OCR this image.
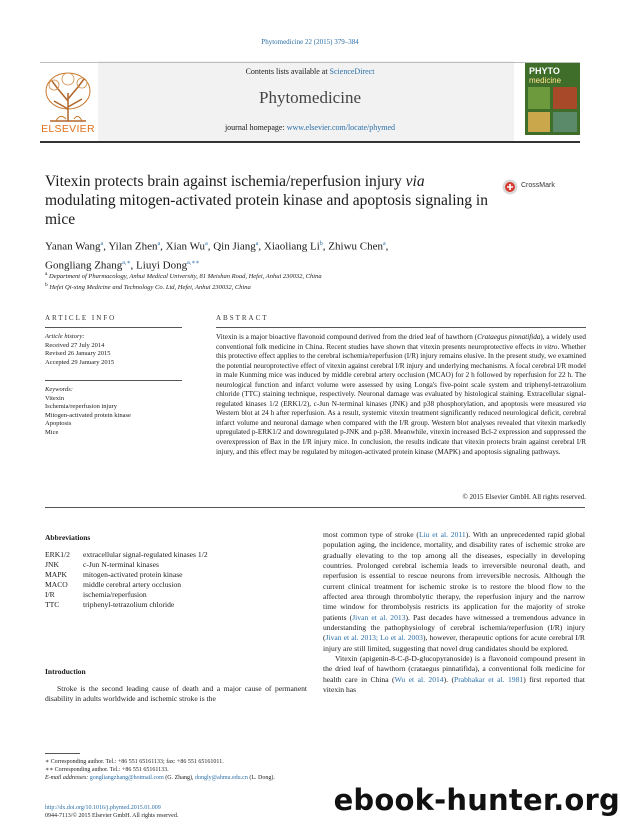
Phytomedicine 22 (2015) 379–384
Contents lists available at ScienceDirect
Phytomedicine
journal homepage: www.elsevier.com/locate/phymed
ELSEVIER
PHYTO
medicine
Vitexin protects brain against ischemia/reperfusion injury via modulating mitogen-activated protein kinase and apoptosis signaling in mice
CrossMark
Yanan Wang$^a$, Yilan Zhen$^a$, Xian Wu$^a$, Qin Jiang$^a$, Xiaoliang Li$^b$, Zhiwu Chen$^a$,
Gongliang Zhang$^{a,∗}$, Liuyi Dong$^{a,∗∗}$
$^a$ Department of Pharmacology, Anhui Medical University, 81 Meishan Road, Hefei, Anhui 230032, China
$^b$ Hefei Qi-xing Medicine and Technology Co. Ltd, Hefei, Anhui 230032, China
ARTICLE INFO	ABSTRACT
Article history:
Received 27 July 2014
Revised 26 January 2015
Accepted 29 January 2015
Keywords:
Vitexin
Ischemia/reperfusion injury
Mitogen-activated protein kinase
Apoptosis
Mice
Vitexin is a major bioactive flavonoid compound derived from the dried leaf of hawthorn (Crataegus pinnatifida), a widely used conventional folk medicine in China. Recent studies have shown that vitexin presents neuroprotective effects in vitro. Whether this protective effect applies to the cerebral ischemia/reperfusion (I/R) injury remains elusive. In the present study, we examined the potential neuroprotective effect of vitexin against cerebral I/R injury and underlying mechanisms. A focal cerebral I/R model in male Kunming mice was induced by middle cerebral artery occlusion (MCAO) for 2 h followed by reperfusion for 22 h. The neurological function and infarct volume were assessed by using Longa's five-point scale system and triphenyl-tetrazolium chloride (TTC) staining technique, respectively. Neuronal damage was evaluated by histological staining. Extracellular signal-regulated kinases 1/2 (ERK1/2), c-Jun N-terminal kinases (JNK) and p38 phosphorylation, and apoptosis were measured via Western blot at 24 h after reperfusion. As a result, systemic vitexin treatment significantly reduced neurological deficit, cerebral infarct volume and neuronal damage when compared with the I/R group. Western blot analyses revealed that vitexin markedly upregulated p-ERK1/2 and downregulated p-JNK and p-p38. Meanwhile, vitexin increased Bcl-2 expression and suppressed the overexpression of Bax in the I/R injury mice. In conclusion, the results indicate that vitexin protects brain against cerebral I/R injury, and this effect may be regulated by mitogen-activated protein kinase (MAPK) and apoptosis signaling pathways.
© 2015 Elsevier GmbH. All rights reserved.
Abbreviations
ERK1/2	extracellular signal-regulated kinases 1/2
JNK	c-Jun N-terminal kinases
MAPK	mitogen-activated protein kinase
MACO	middle cerebral artery occlusion
I/R	ischemia/reperfusion
TTC	triphenyl-tetrazolium chloride
Introduction
Stroke is the second leading cause of death and a major cause of permanent disability in adults worldwide and ischemic stroke is the
∗ Corresponding author. Tel.: +86 551 65161133; fax: +86 551 65161011.
∗∗ Corresponding author. Tel.: +86 551 65161133.
E-mail addresses: gongliangzhang@hotmail.com (G. Zhang), dongly@ahmu.edu.cn (L. Dong).
http://dx.doi.org/10.1016/j.phymed.2015.01.009
0944-7113/© 2015 Elsevier GmbH. All rights reserved.

most common type of stroke (Liu et al. 2011). With an unprecedented rapid global population aging, the incidence, mortality, and disability rates of ischemic stroke are gradually elevating to the top among all the diseases, especially in developing countries. Prolonged cerebral ischemia leads to irreversible neuronal death, and reperfusion is essential to rescue neurons from irreversible necrosis. Although the current clinical treatment for ischemic stroke is to restore the blood flow to the affected area through thrombolytic therapy, the reperfusion injury and the narrow time window for thrombolysis restricts its application for the majority of stroke patients (Jivan et al. 2013). Past decades have witnessed a tremendous advance in understanding the pathophysiology of cerebral ischemia/reperfusion (I/R) injury (Jivan et al. 2013; Lo et al. 2003), however, therapeutic options for acute cerebral I/R injury are still limited, suggesting that novel drug candidates should be explored.

Vitexin (apigenin-8-C-β-D-glucopyranoside) is a flavonoid compound present in the dried leaf of hawthorn (crataegus pinnatifida), a conventional folk medicine for health care in China (Wu et al. 2014). (Prabhakar et al. 1981) first reported that vitexin has

ebook-hunter.org
